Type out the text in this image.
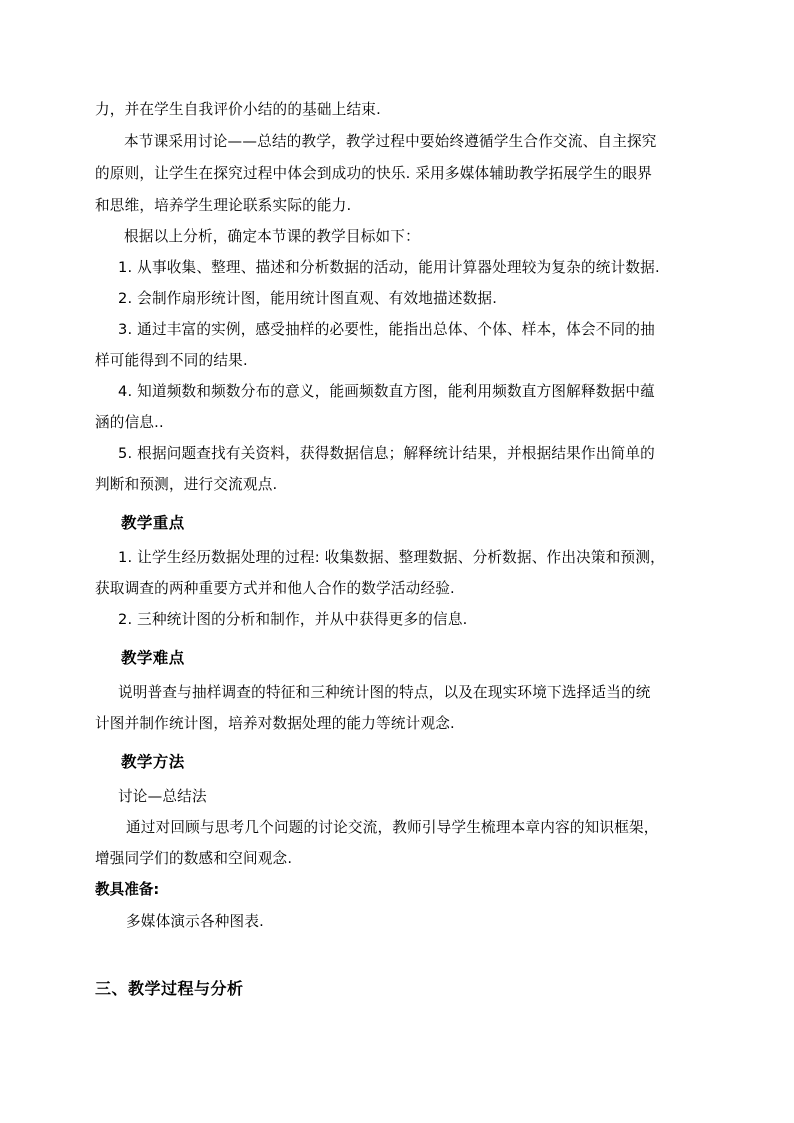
力，并在学生自我评价小结的的基础上结束.
本节课采用讨论——总结的教学，教学过程中要始终遵循学生合作交流、自主探究
的原则，让学生在探究过程中体会到成功的快乐. 采用多媒体辅助教学拓展学生的眼界
和思维，培养学生理论联系实际的能力.
根据以上分析，确定本节课的教学目标如下：
1. 从事收集、整理、描述和分析数据的活动，能用计算器处理较为复杂的统计数据.
2. 会制作扇形统计图，能用统计图直观、有效地描述数据.
3. 通过丰富的实例，感受抽样的必要性，能指出总体、个体、样本，体会不同的抽
样可能得到不同的结果.
4. 知道频数和频数分布的意义，能画频数直方图，能利用频数直方图解释数据中蕴
涵的信息..
5. 根据问题查找有关资料，获得数据信息；解释统计结果，并根据结果作出简单的
判断和预测，进行交流观点.
教学重点
1. 让学生经历数据处理的过程: 收集数据、整理数据、分析数据、作出决策和预测，
获取调查的两种重要方式并和他人合作的数学活动经验.
2. 三种统计图的分析和制作，并从中获得更多的信息.
教学难点
说明普查与抽样调查的特征和三种统计图的特点，以及在现实环境下选择适当的统
计图并制作统计图，培养对数据处理的能力等统计观念.
教学方法
讨论—总结法
通过对回顾与思考几个问题的讨论交流，教师引导学生梳理本章内容的知识框架，
增强同学们的数感和空间观念.
教具准备:
多媒体演示各种图表.
三、教学过程与分析
